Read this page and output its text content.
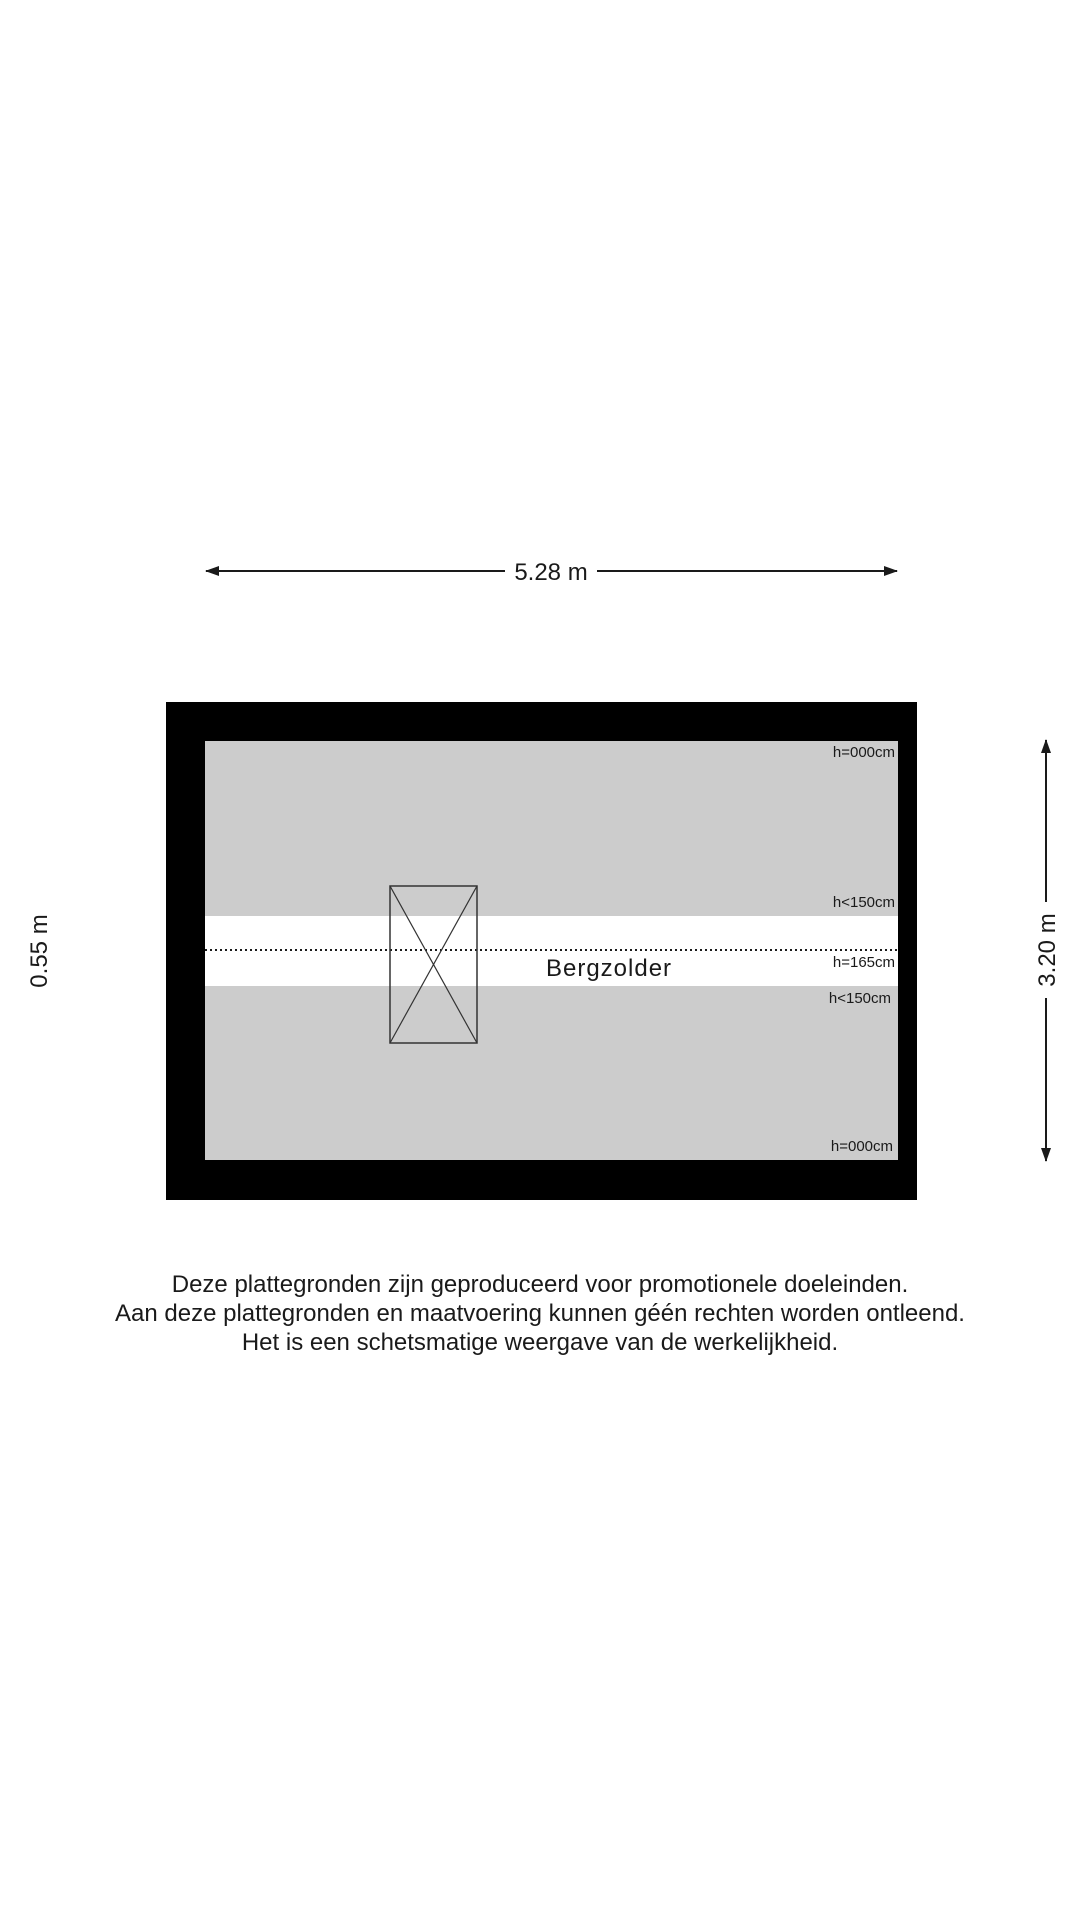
5.28 m
Bergzolder
h=000cm
h<150cm
h=165cm
h<150cm
h=000cm
0.55 m	3.20 m
Deze plattegronden zijn geproduceerd voor promotionele doeleinden.
Aan deze plattegronden en maatvoering kunnen géén rechten worden ontleend.
Het is een schetsmatige weergave van de werkelijkheid.
